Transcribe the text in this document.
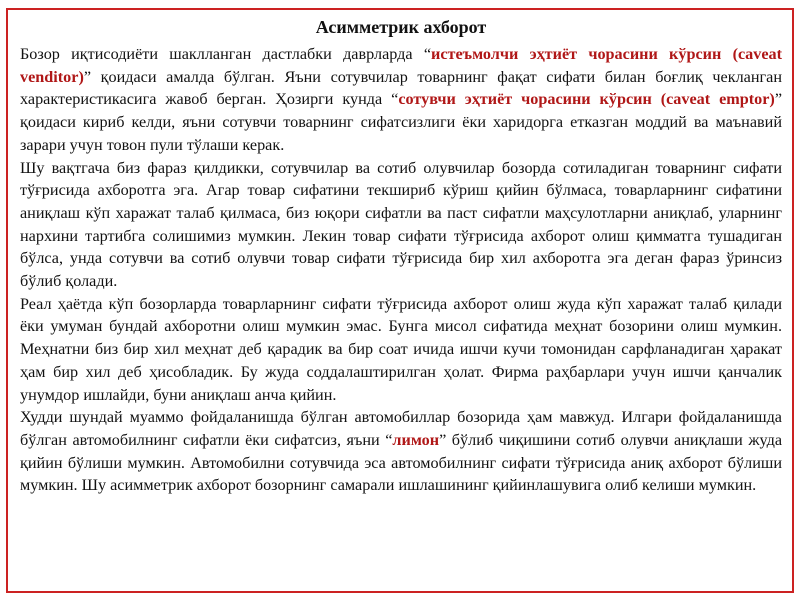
Асимметрик ахборот

Бозор иқтисодиёти шаклланган дастлабки даврларда “истеъмолчи эҳтиёт чорасини кўрсин (caveat venditor)” қоидаси амалда бўлган. Яъни сотувчилар товарнинг фақат сифати билан боғлиқ чекланган характеристикасига жавоб берган. Ҳозирги кунда “сотувчи эҳтиёт чорасини кўрсин (caveat emptor)” қоидаси кириб келди, яъни сотувчи товарнинг сифатсизлиги ёки харидорга етказган моддий ва маънавий зарари учун товон пули тўлаши керак.

Шу вақтгача биз фараз қилдикки, сотувчилар ва сотиб олувчилар бозорда сотиладиган товарнинг сифати тўғрисида ахборотга эга. Агар товар сифатини текшириб кўриш қийин бўлмаса, товарларнинг сифатини аниқлаш кўп харажат талаб қилмаса, биз юқори сифатли ва паст сифатли маҳсулотларни аниқлаб, уларнинг нархини тартибга солишимиз мумкин. Лекин товар сифати тўғрисида ахборот олиш қимматга тушадиган бўлса, унда сотувчи ва сотиб олувчи товар сифати тўғрисида бир хил ахборотга эга деган фараз ўринсиз бўлиб қолади.

Реал ҳаётда кўп бозорларда товарларнинг сифати тўғрисида ахборот олиш жуда кўп харажат талаб қилади ёки умуман бундай ахборотни олиш мумкин эмас. Бунга мисол сифатида меҳнат бозорини олиш мумкин. Меҳнатни биз бир хил меҳнат деб қарадик ва бир соат ичида ишчи кучи томонидан сарфланадиган ҳаракат ҳам бир хил деб ҳисобладик. Бу жуда соддалаштирилган ҳолат. Фирма раҳбарлари учун ишчи қанчалик унумдор ишлайди, буни аниқлаш анча қийин.

Худди шундай муаммо фойдаланишда бўлган автомобиллар бозорида ҳам мавжуд. Илгари фойдаланишда бўлган автомобилнинг сифатли ёки сифатсиз, яъни “лимон” бўлиб чиқишини сотиб олувчи аниқлаши жуда қийин бўлиши мумкин. Автомобилни сотувчида эса автомобилнинг сифати тўғрисида аниқ ахборот бўлиши мумкин. Шу асимметрик ахборот бозорнинг самарали ишлашининг қийинлашувига олиб келиши мумкин.
